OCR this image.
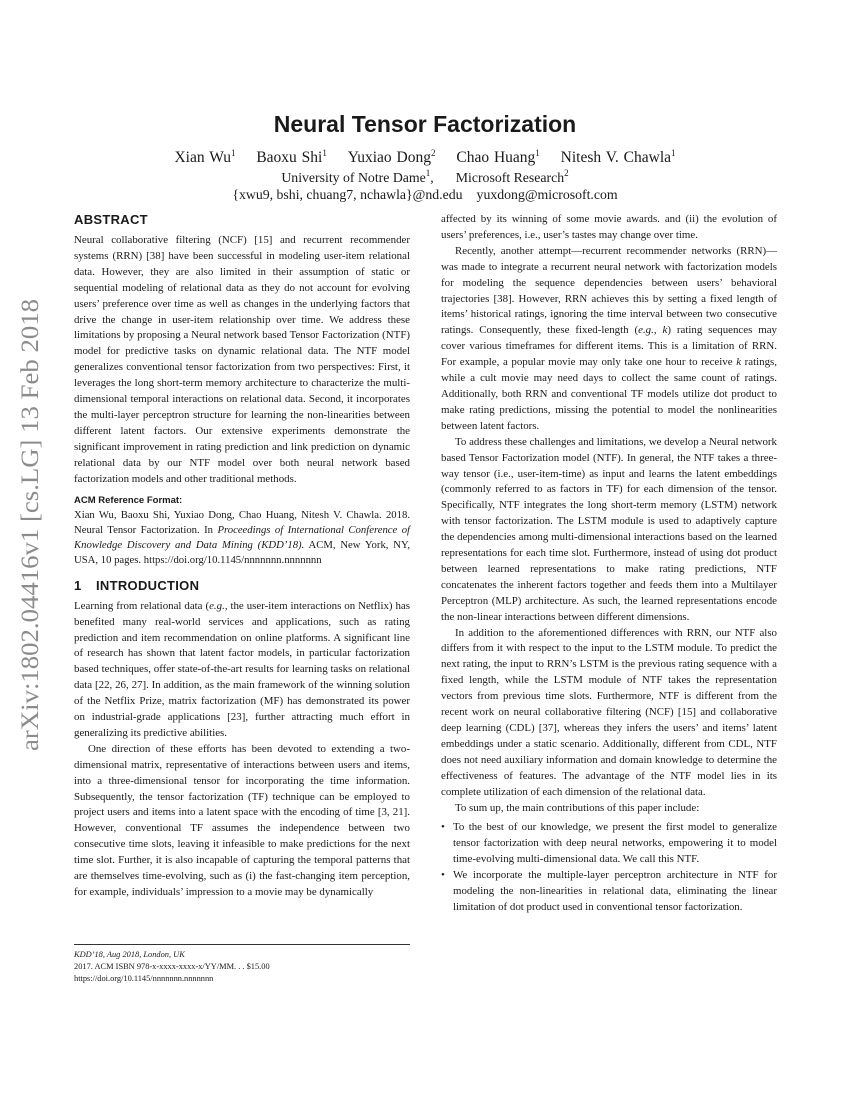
arXiv:1802.04416v1 [cs.LG] 13 Feb 2018
Neural Tensor Factorization
Xian Wu$^1$ Baoxu Shi$^1$ Yuxiao Dong$^2$ Chao Huang$^1$ Nitesh V. Chawla$^1$
University of Notre Dame$^1$, Microsoft Research$^2$
{xwu9, bshi, chuang7, nchawla}@nd.edu yuxdong@microsoft.com
ABSTRACT

Neural collaborative filtering (NCF) [15] and recurrent recommender systems (RRN) [38] have been successful in modeling user-item relational data. However, they are also limited in their assumption of static or sequential modeling of relational data as they do not account for evolving users’ preference over time as well as changes in the underlying factors that drive the change in user-item relationship over time. We address these limitations by proposing a Neural network based Tensor Factorization (NTF) model for predictive tasks on dynamic relational data. The NTF model generalizes conventional tensor factorization from two perspectives: First, it leverages the long short-term memory architecture to characterize the multi-dimensional temporal interactions on relational data. Second, it incorporates the multi-layer perceptron structure for learning the non-linearities between different latent factors. Our extensive experiments demonstrate the significant improvement in rating prediction and link prediction on dynamic relational data by our NTF model over both neural network based factorization models and other traditional methods.

ACM Reference Format:

Xian Wu, Baoxu Shi, Yuxiao Dong, Chao Huang, Nitesh V. Chawla. 2018. Neural Tensor Factorization. In Proceedings of International Conference of Knowledge Discovery and Data Mining (KDD’18). ACM, New York, NY, USA, 10 pages. https://doi.org/10.1145/nnnnnnn.nnnnnnn

1 INTRODUCTION

Learning from relational data (e.g., the user-item interactions on Netflix) has benefited many real-world services and applications, such as rating prediction and item recommendation on online platforms. A significant line of research has shown that latent factor models, in particular factorization based techniques, offer state-of-the-art results for learning tasks on relational data [22, 26, 27]. In addition, as the main framework of the winning solution of the Netflix Prize, matrix factorization (MF) has demonstrated its power on industrial-grade applications [23], further attracting much effort in generalizing its predictive abilities.

One direction of these efforts has been devoted to extending a two-dimensional matrix, representative of interactions between users and items, into a three-dimensional tensor for incorporating the time information. Subsequently, the tensor factorization (TF) technique can be employed to project users and items into a latent space with the encoding of time [3, 21]. However, conventional TF assumes the independence between two consecutive time slots, leaving it infeasible to make predictions for the next time slot. Further, it is also incapable of capturing the temporal patterns that are themselves time-evolving, such as (i) the fast-changing item perception, for example, individuals’ impression to a movie may be dynamically

KDD’18, Aug 2018, London, UK
2017. ACM ISBN 978-x-xxxx-xxxx-x/YY/MM. . . $15.00
https://doi.org/10.1145/nnnnnnn.nnnnnnn

affected by its winning of some movie awards. and (ii) the evolution of users’ preferences, i.e., user’s tastes may change over time.

Recently, another attempt—recurrent recommender networks (RRN)—was made to integrate a recurrent neural network with factorization models for modeling the sequence dependencies between users’ behavioral trajectories [38]. However, RRN achieves this by setting a fixed length of items’ historical ratings, ignoring the time interval between two consecutive ratings. Consequently, these fixed-length (e.g., k) rating sequences may cover various timeframes for different items. This is a limitation of RRN. For example, a popular movie may only take one hour to receive k ratings, while a cult movie may need days to collect the same count of ratings. Additionally, both RRN and conventional TF models utilize dot product to make rating predictions, missing the potential to model the nonlinearities between latent factors.

To address these challenges and limitations, we develop a Neural network based Tensor Factorization model (NTF). In general, the NTF takes a three-way tensor (i.e., user-item-time) as input and learns the latent embeddings (commonly referred to as factors in TF) for each dimension of the tensor. Specifically, NTF integrates the long short-term memory (LSTM) network with tensor factorization. The LSTM module is used to adaptively capture the dependencies among multi-dimensional interactions based on the learned representations for each time slot. Furthermore, instead of using dot product between learned representations to make rating predictions, NTF concatenates the inherent factors together and feeds them into a Multilayer Perceptron (MLP) architecture. As such, the learned representations encode the non-linear interactions between different dimensions.

In addition to the aforementioned differences with RRN, our NTF also differs from it with respect to the input to the LSTM module. To predict the next rating, the input to RRN’s LSTM is the previous rating sequence with a fixed length, while the LSTM module of NTF takes the representation vectors from previous time slots. Furthermore, NTF is different from the recent work on neural collaborative filtering (NCF) [15] and collaborative deep learning (CDL) [37], whereas they infers the users’ and items’ latent embeddings under a static scenario. Additionally, different from CDL, NTF does not need auxiliary information and domain knowledge to determine the effectiveness of features. The advantage of the NTF model lies in its complete utilization of each dimension of the relational data.

To sum up, the main contributions of this paper include:

• To the best of our knowledge, we present the first model to generalize tensor factorization with deep neural networks, empowering it to model time-evolving multi-dimensional data. We call this NTF.
• We incorporate the multiple-layer perceptron architecture in NTF for modeling the non-linearities in relational data, eliminating the linear limitation of dot product used in conventional tensor factorization.
